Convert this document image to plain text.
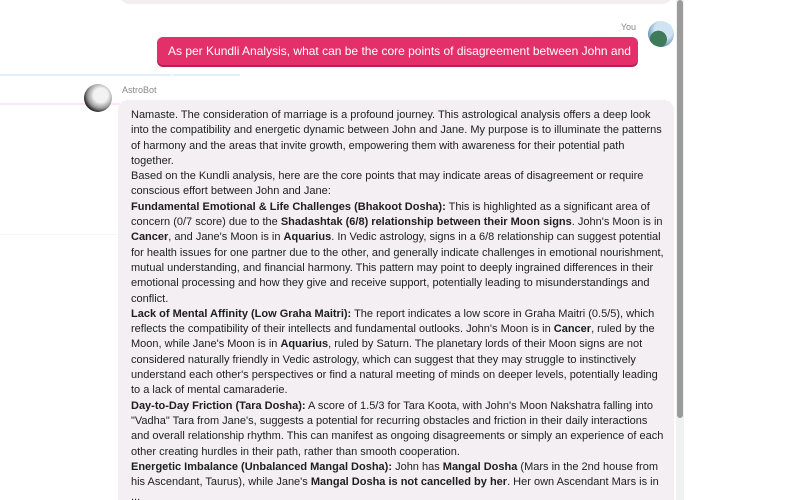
You
As per Kundli Analysis, what can be the core points of disagreement between John and Jane
AstroBot

Namaste. The consideration of marriage is a profound journey. This astrological analysis offers a deep look into the compatibility and energetic dynamic between John and Jane. My purpose is to illuminate the patterns of harmony and the areas that invite growth, empowering them with awareness for their potential path together.

Based on the Kundli analysis, here are the core points that may indicate areas of disagreement or require conscious effort between John and Jane:

Fundamental Emotional & Life Challenges (Bhakoot Dosha): This is highlighted as a significant area of concern (0/7 score) due to the Shadashtak (6/8) relationship between their Moon signs. John's Moon is in Cancer, and Jane's Moon is in Aquarius. In Vedic astrology, signs in a 6/8 relationship can suggest potential for health issues for one partner due to the other, and generally indicate challenges in emotional nourishment, mutual understanding, and financial harmony. This pattern may point to deeply ingrained differences in their emotional processing and how they give and receive support, potentially leading to misunderstandings and conflict.

Lack of Mental Affinity (Low Graha Maitri): The report indicates a low score in Graha Maitri (0.5/5), which reflects the compatibility of their intellects and fundamental outlooks. John's Moon is in Cancer, ruled by the Moon, while Jane's Moon is in Aquarius, ruled by Saturn. The planetary lords of their Moon signs are not considered naturally friendly in Vedic astrology, which can suggest that they may struggle to instinctively understand each other's perspectives or find a natural meeting of minds on deeper levels, potentially leading to a lack of mental camaraderie.

Day-to-Day Friction (Tara Dosha): A score of 1.5/3 for Tara Koota, with John's Moon Nakshatra falling into "Vadha" Tara from Jane's, suggests a potential for recurring obstacles and friction in their daily interactions and overall relationship rhythm. This can manifest as ongoing disagreements or simply an experience of each other creating hurdles in their path, rather than smooth cooperation.

Energetic Imbalance (Unbalanced Mangal Dosha): John has Mangal Dosha (Mars in the 2nd house from his Ascendant, Taurus), while Jane's Mangal Dosha is not cancelled by her. Her own Ascendant Mars is in ...
